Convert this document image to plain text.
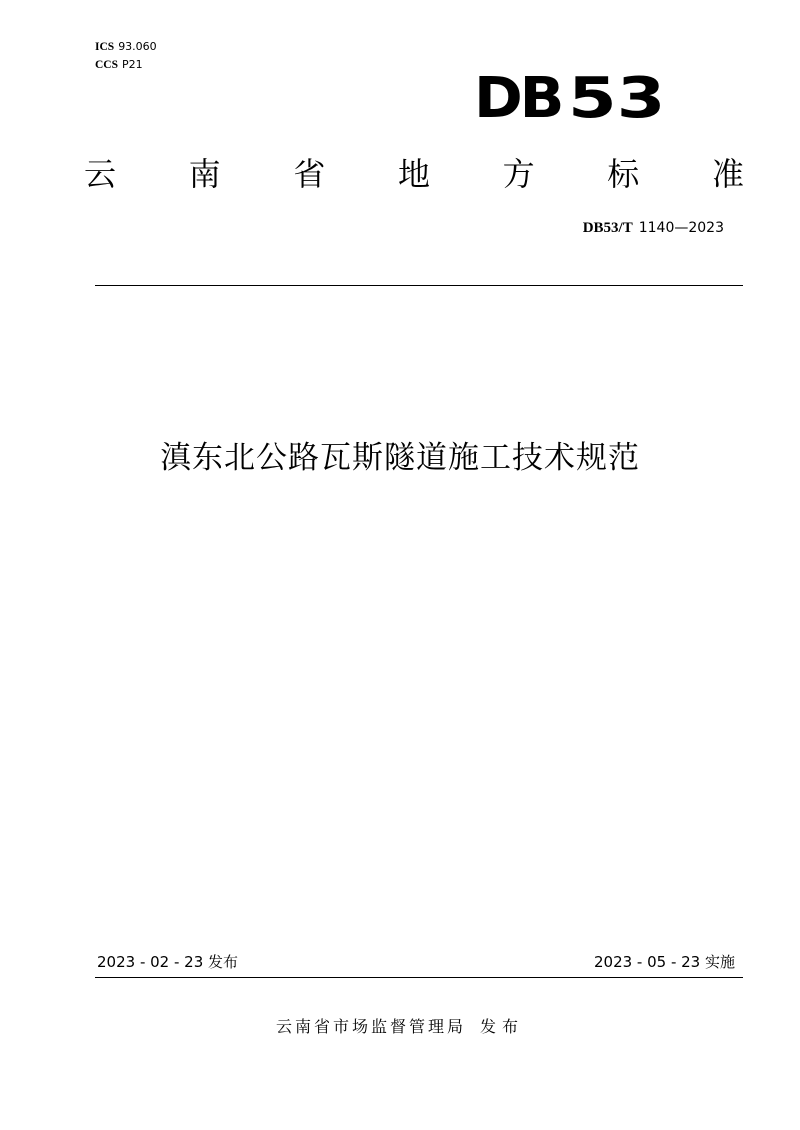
ICS 93.060
CCS P21
DB 53
云 南 省 地 方 标 准
DB53/T 1140—2023
滇东北公路瓦斯隧道施工技术规范
2023 - 02 - 23 发布	2023 - 05 - 23 实施
云南省市场监督管理局 发布
